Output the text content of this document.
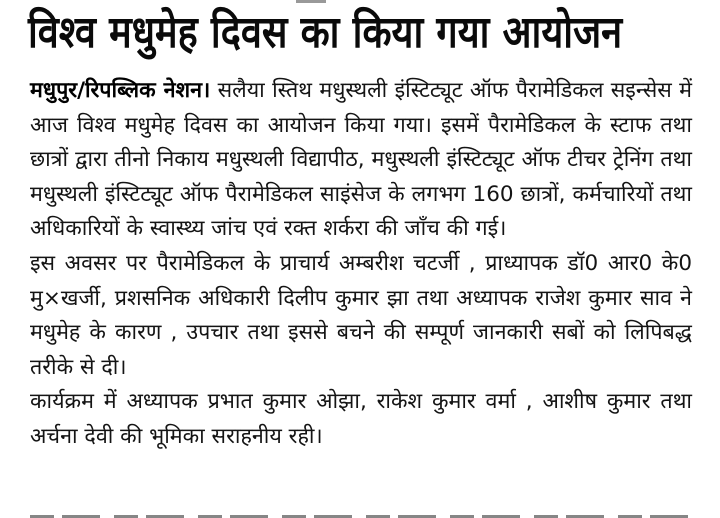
विश्व मधुमेह दिवस का किया गया आयोजन

मधुपुर/रिपब्लिक नेशन। सलैया स्तिथ मधुस्थली इंस्टिट्यूट ऑफ पैरामेडिकल सइन्सेस में आज विश्व मधुमेह दिवस का आयोजन किया गया। इसमें पैरामेडिकल के स्टाफ तथा छात्रों द्वारा तीनो निकाय मधुस्थली विद्यापीठ, मधुस्थली इंस्टिट्यूट ऑफ टीचर ट्रेनिंग तथा मधुस्थली इंस्टिट्यूट ऑफ पैरामेडिकल साइंसेज के लगभग 160 छात्रों, कर्मचारियों तथा अधिकारियों के स्वास्थ्य जांच एवं रक्त शर्करा की जाँच की गई।

इस अवसर पर पैरामेडिकल के प्राचार्य अम्बरीश चटर्जी , प्राध्यापक डॉ0 आर0 के0 मु×खर्जी, प्रशसनिक अधिकारी दिलीप कुमार झा तथा अध्यापक राजेश कुमार साव ने मधुमेह के कारण , उपचार तथा इससे बचने की सम्पूर्ण जानकारी सबों को लिपिबद्ध तरीके से दी।

कार्यक्रम में अध्यापक प्रभात कुमार ओझा, राकेश कुमार वर्मा , आशीष कुमार तथा अर्चना देवी की भूमिका सराहनीय रही।
